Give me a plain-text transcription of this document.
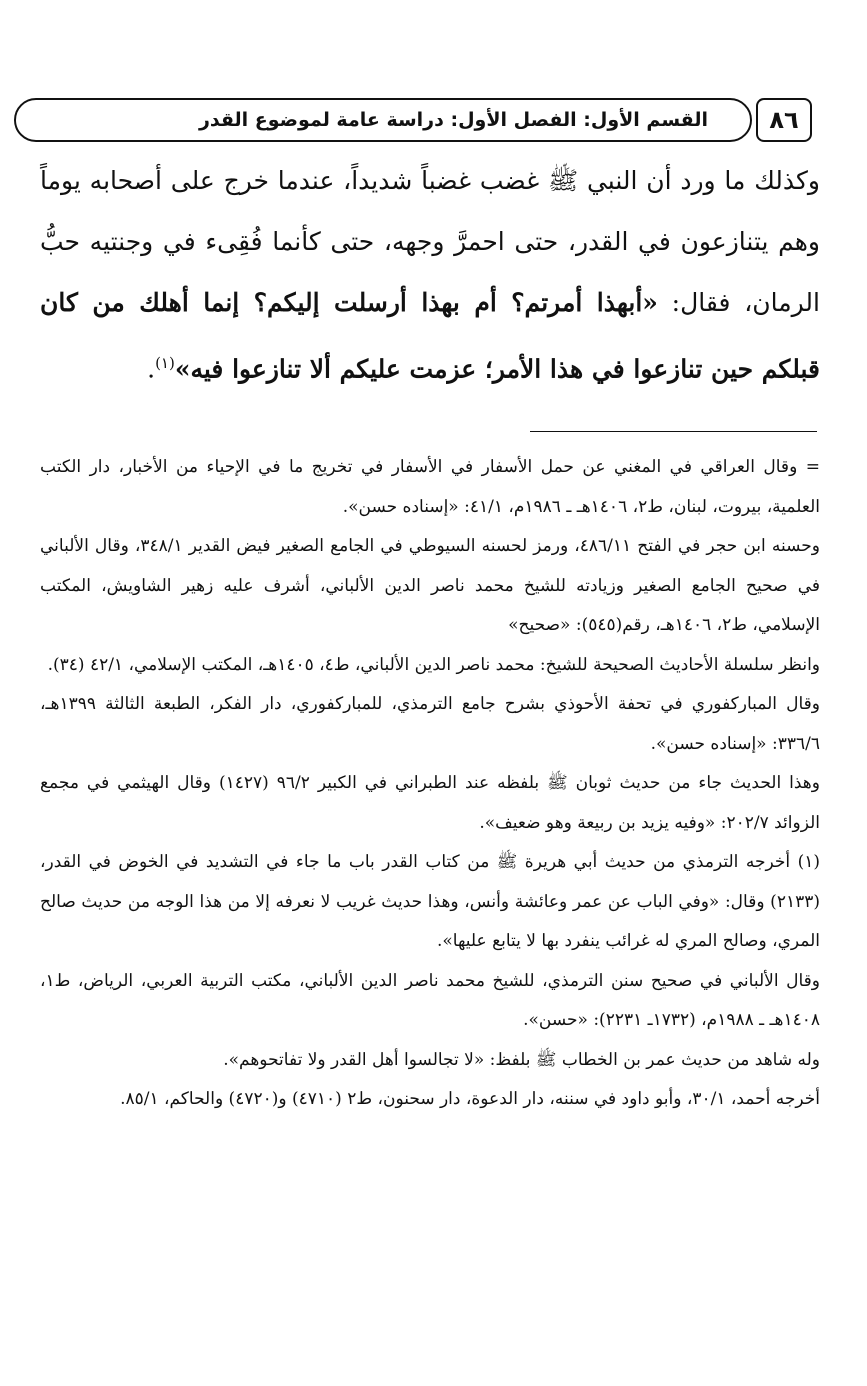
القسم الأول: الفصل الأول: دراسة عامة لموضوع القدر	٨٦

وكذلك ما ورد أن النبي ﷺ غضب غضباً شديداً، عندما خرج على أصحابه يوماً وهم يتنازعون في القدر، حتى احمرَّ وجهه، حتى كأنما فُقِىء في وجنتيه حبُّ الرمان، فقال: «أبهذا أمرتم؟ أم بهذا أرسلت إليكم؟ إنما أهلك من كان قبلكم حين تنازعوا في هذا الأمر؛ عزمت عليكم ألا تنازعوا فيه»$^{(١)}$.

= وقال العراقي في المغني عن حمل الأسفار في الأسفار في تخريج ما في الإحياء من الأخبار، دار الكتب العلمية، بيروت، لبنان، ط٢، ١٤٠٦هـ ـ ١٩٨٦م، ٤١/١: «إسناده حسن».

وحسنه ابن حجر في الفتح ٤٨٦/١١، ورمز لحسنه السيوطي في الجامع الصغير فيض القدير ٣٤٨/١، وقال الألباني في صحيح الجامع الصغير وزيادته للشيخ محمد ناصر الدين الألباني، أشرف عليه زهير الشاويش، المكتب الإسلامي، ط٢، ١٤٠٦هـ، رقم(٥٤٥): «صحيح»

وانظر سلسلة الأحاديث الصحيحة للشيخ: محمد ناصر الدين الألباني، ط٤، ١٤٠٥هـ، المكتب الإسلامي، ٤٢/١ (٣٤).

وقال المباركفوري في تحفة الأحوذي بشرح جامع الترمذي، للمباركفوري، دار الفكر، الطبعة الثالثة ١٣٩٩هـ، ٣٣٦/٦: «إسناده حسن».

وهذا الحديث جاء من حديث ثوبان ﷺ بلفظه عند الطبراني في الكبير ٩٦/٢ (١٤٢٧) وقال الهيثمي في مجمع الزوائد ٢٠٢/٧: «وفيه يزيد بن ربيعة وهو ضعيف».

(١) أخرجه الترمذي من حديث أبي هريرة ﷺ من كتاب القدر باب ما جاء في التشديد في الخوض في القدر، (٢١٣٣) وقال: «وفي الباب عن عمر وعائشة وأنس، وهذا حديث غريب لا نعرفه إلا من هذا الوجه من حديث صالح المري، وصالح المري له غرائب ينفرد بها لا يتابع عليها».

وقال الألباني في صحيح سنن الترمذي، للشيخ محمد ناصر الدين الألباني، مكتب التربية العربي، الرياض، ط١، ١٤٠٨هـ ـ ١٩٨٨م، (١٧٣٢ـ ٢٢٣١): «حسن».

وله شاهد من حديث عمر بن الخطاب ﷺ بلفظ: «لا تجالسوا أهل القدر ولا تفاتحوهم».

أخرجه أحمد، ٣٠/١، وأبو داود في سننه، دار الدعوة، دار سحنون، ط٢ (٤٧١٠) و(٤٧٢٠) والحاكم، ٨٥/١.
